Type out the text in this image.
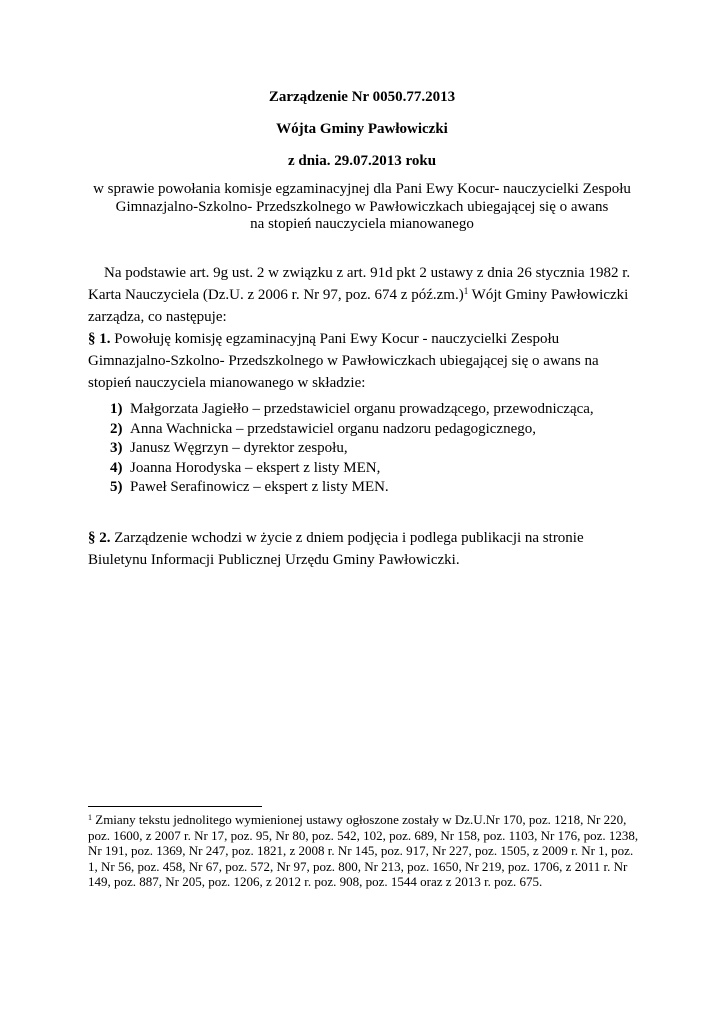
Zarządzenie Nr 0050.77.2013
Wójta Gminy Pawłowiczki
z dnia. 29.07.2013 roku
w sprawie powołania komisje egzaminacyjnej dla Pani Ewy Kocur- nauczycielki Zespołu
Gimnazjalno-Szkolno- Przedszkolnego w Pawłowiczkach ubiegającej się o awans
na stopień nauczyciela mianowanego
Na podstawie art. 9g ust. 2 w związku z art. 91d pkt 2 ustawy z dnia 26 stycznia 1982 r. Karta Nauczyciela (Dz.U. z 2006 r. Nr 97, poz. 674 z póź.zm.)$^1$ Wójt Gminy Pawłowiczki zarządza, co następuje:
§ 1. Powołuję komisję egzaminacyjną Pani Ewy Kocur - nauczycielki Zespołu Gimnazjalno-Szkolno- Przedszkolnego w Pawłowiczkach ubiegającej się o awans na stopień nauczyciela mianowanego w składzie:
1) Małgorzata Jagiełło – przedstawiciel organu prowadzącego, przewodnicząca,
2) Anna Wachnicka – przedstawiciel organu nadzoru pedagogicznego,
3) Janusz Węgrzyn – dyrektor zespołu,
4) Joanna Horodyska – ekspert z listy MEN,
5) Paweł Serafinowicz – ekspert z listy MEN.
§ 2. Zarządzenie wchodzi w życie z dniem podjęcia i podlega publikacji na stronie Biuletynu Informacji Publicznej Urzędu Gminy Pawłowiczki.
$^1$ Zmiany tekstu jednolitego wymienionej ustawy ogłoszone zostały w Dz.U.Nr 170, poz. 1218, Nr 220, poz. 1600, z 2007 r. Nr 17, poz. 95, Nr 80, poz. 542, 102, poz. 689, Nr 158, poz. 1103, Nr 176, poz. 1238, Nr 191, poz. 1369, Nr 247, poz. 1821, z 2008 r. Nr 145, poz. 917, Nr 227, poz. 1505, z 2009 r. Nr 1, poz. 1, Nr 56, poz. 458, Nr 67, poz. 572, Nr 97, poz. 800, Nr 213, poz. 1650, Nr 219, poz. 1706, z 2011 r. Nr 149, poz. 887, Nr 205, poz. 1206, z 2012 r. poz. 908, poz. 1544 oraz z 2013 r. poz. 675.
